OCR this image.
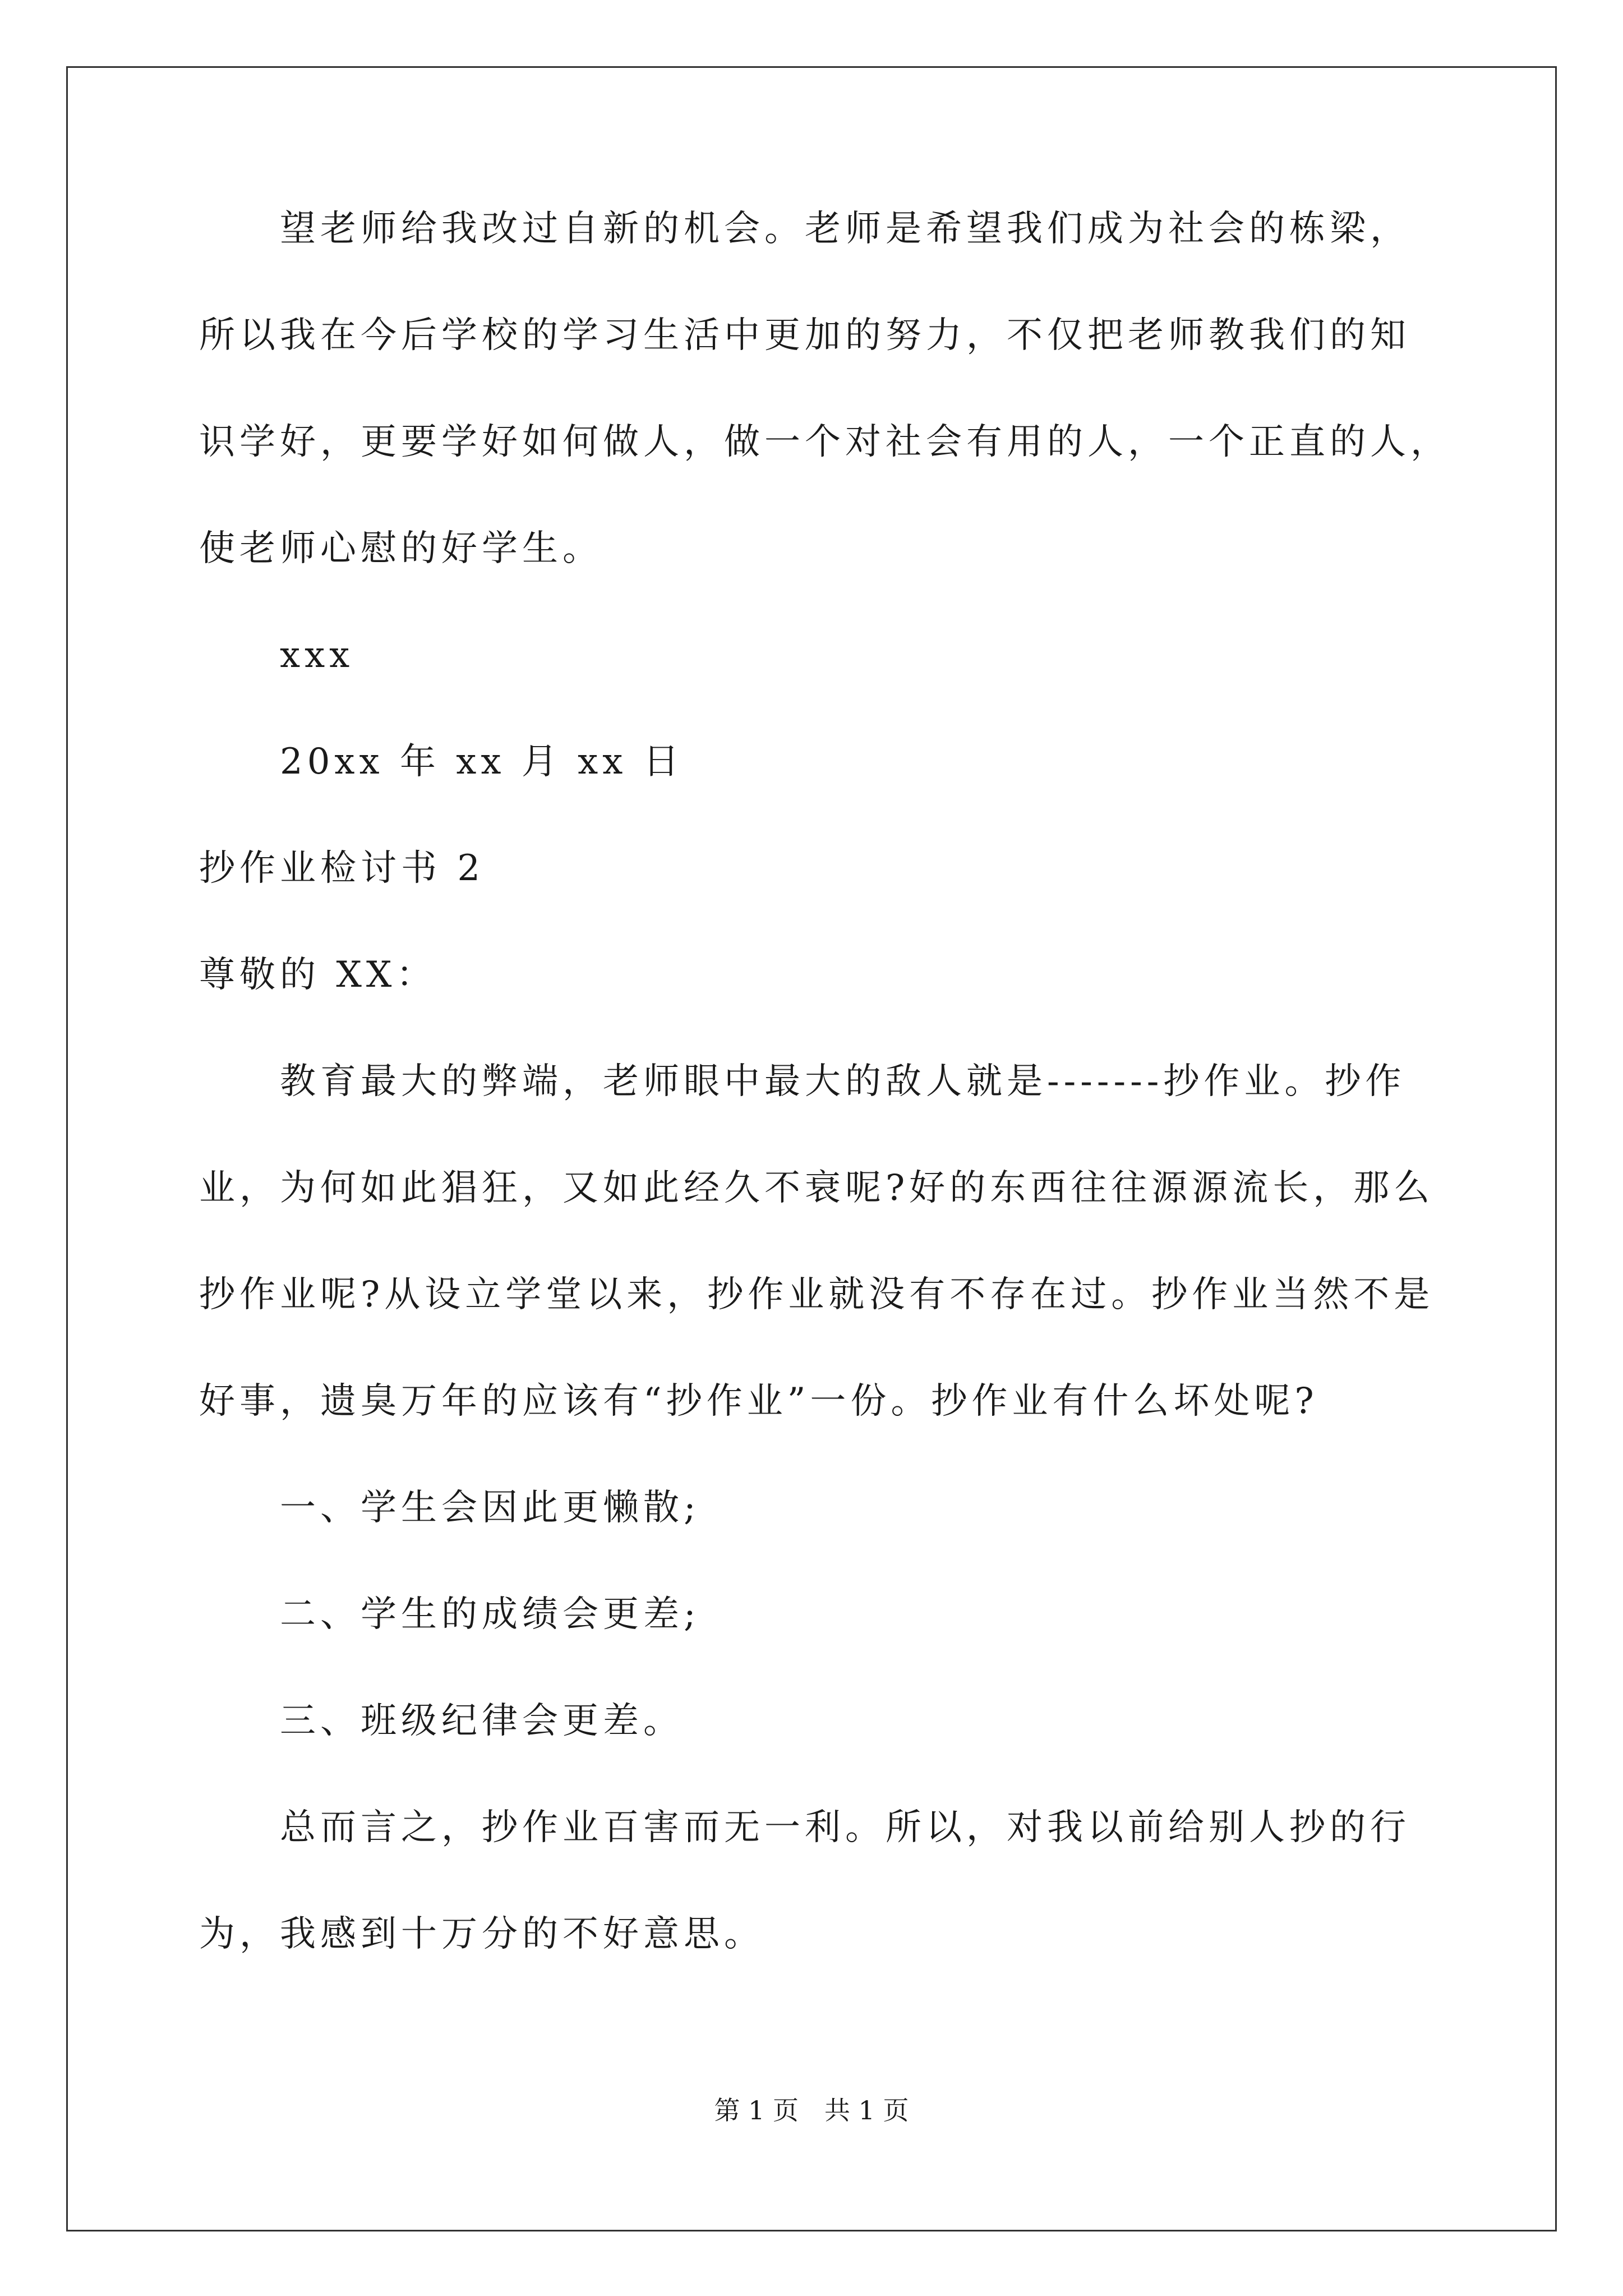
　　望老师给我改过自新的机会。老师是希望我们成为社会的栋梁，
所以我在今后学校的学习生活中更加的努力，不仅把老师教我们的知
识学好，更要学好如何做人，做一个对社会有用的人，一个正直的人，
使老师心慰的好学生。
　　xxx
　　20xx 年 xx 月 xx 日
抄作业检讨书 2
尊敬的 XX：
　　教育最大的弊端，老师眼中最大的敌人就是-------抄作业。抄作
业，为何如此猖狂，又如此经久不衰呢?好的东西往往源源流长，那么
抄作业呢?从设立学堂以来，抄作业就没有不存在过。抄作业当然不是
好事，遗臭万年的应该有“抄作业”一份。抄作业有什么坏处呢?
　　一、学生会因此更懒散;
　　二、学生的成绩会更差;
　　三、班级纪律会更差。
　　总而言之，抄作业百害而无一利。所以，对我以前给别人抄的行
为，我感到十万分的不好意思。
第 1 页　共 1 页
